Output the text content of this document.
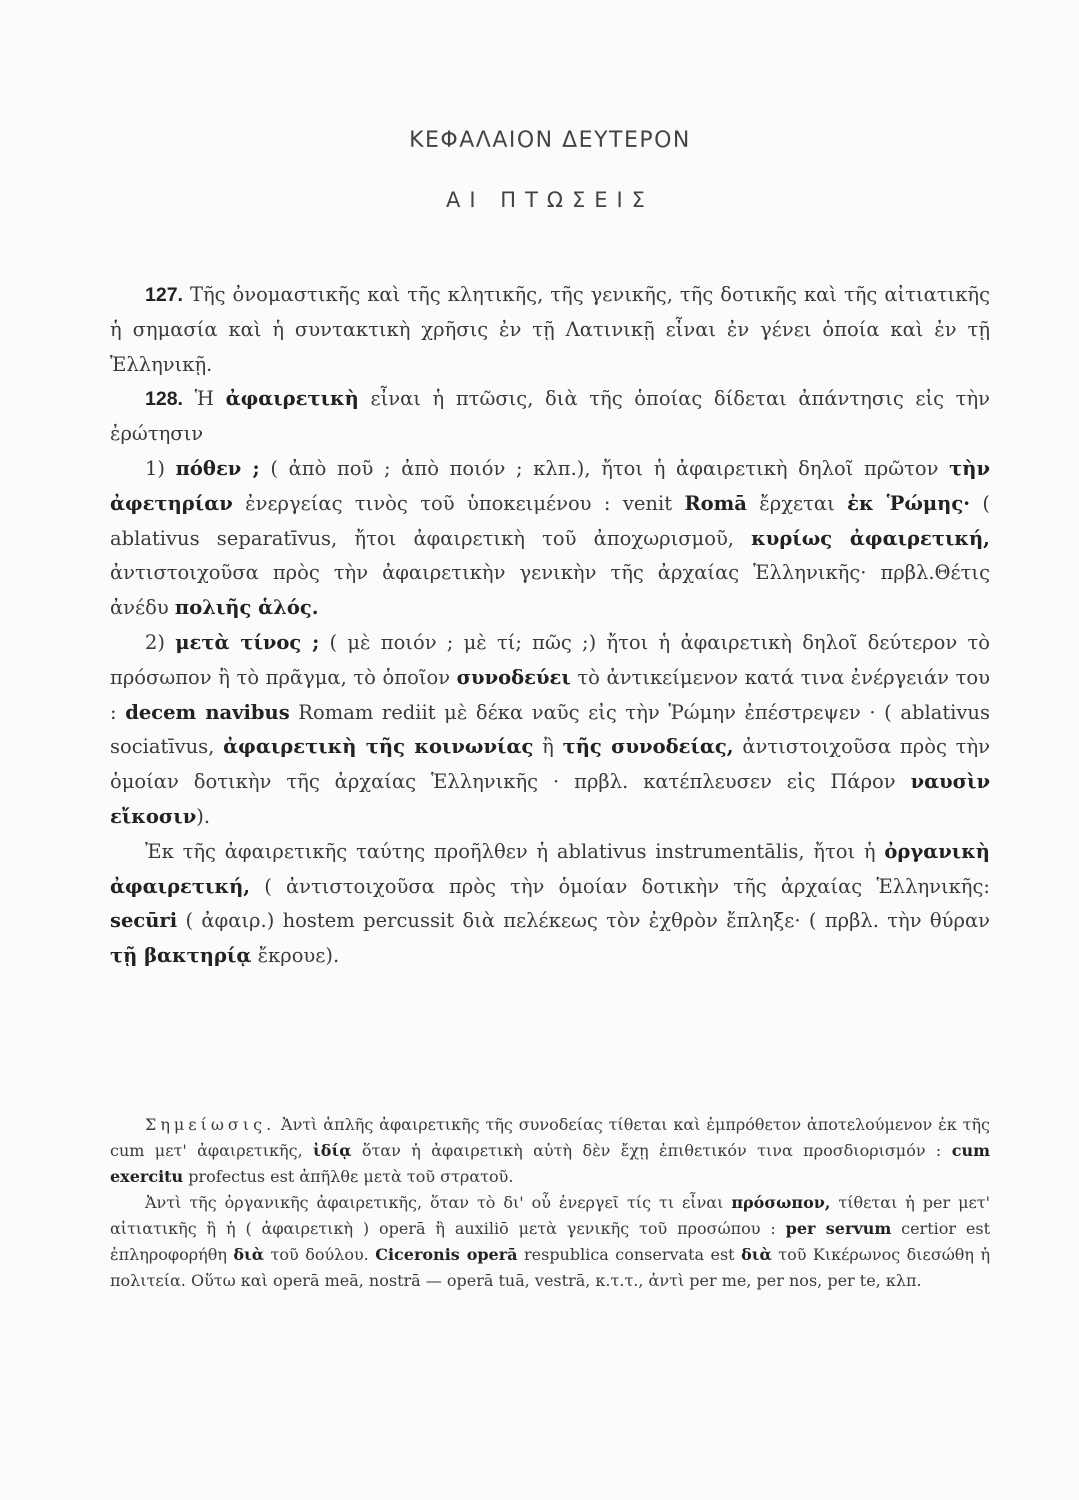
ΚΕΦΑΛΑΙΟΝ ΔΕΥΤΕΡΟΝ
ΑΙ ΠΤΩΣΕΙΣ

127. Τῆς ὀνομαστικῆς καὶ τῆς κλητικῆς, τῆς γενικῆς, τῆς δοτικῆς καὶ τῆς αἰτιατικῆς ἡ σημασία καὶ ἡ συντακτικὴ χρῆσις ἐν τῇ Λατινικῇ εἶναι ἐν γένει ὁποία καὶ ἐν τῇ Ἑλληνικῇ.

128. Ἡ ἀφαιρετικὴ εἶναι ἡ πτῶσις, διὰ τῆς ὁποίας δίδεται ἀπάντησις εἰς τὴν ἐρώτησιν

1) πόθεν ; ( ἀπὸ ποῦ ; ἀπὸ ποιόν ; κλπ.), ἤτοι ἡ ἀφαιρετικὴ δηλοῖ πρῶτον τὴν ἀφετηρίαν ἐνεργείας τινὸς τοῦ ὑποκειμένου : venit Romā ἔρχεται ἐκ Ῥώμης· ( ablativus separatīvus, ἤτοι ἀφαιρετικὴ τοῦ ἀποχωρισμοῦ, κυρίως ἀφαιρετική, ἀντιστοιχοῦσα πρὸς τὴν ἀφαιρετικὴν γενικὴν τῆς ἀρχαίας Ἑλληνικῆς· πρβλ.Θέτις ἀνέδυ πολιῆς ἁλός.

2) μετὰ τίνος ; ( μὲ ποιόν ; μὲ τί; πῶς ;) ἤτοι ἡ ἀφαιρετικὴ δηλοῖ δεύτερον τὸ πρόσωπον ἢ τὸ πρᾶγμα, τὸ ὁποῖον συνοδεύει τὸ ἀντικείμενον κατά τινα ἐνέργειάν του : decem navibus Romam rediit μὲ δέκα ναῦς εἰς τὴν Ῥώμην ἐπέστρεψεν · ( ablativus sociatīvus, ἀφαιρετικὴ τῆς κοινωνίας ἢ τῆς συνοδείας, ἀντιστοιχοῦσα πρὸς τὴν ὁμοίαν δοτικὴν τῆς ἀρχαίας Ἑλληνικῆς · πρβλ. κατέπλευσεν εἰς Πάρον ναυσὶν εἴκοσιν).

Ἐκ τῆς ἀφαιρετικῆς ταύτης προῆλθεν ἡ ablativus instrumentālis, ἤτοι ἡ ὀργανικὴ ἀφαιρετική, ( ἀντιστοιχοῦσα πρὸς τὴν ὁμοίαν δοτικὴν τῆς ἀρχαίας Ἑλληνικῆς: secūri ( ἀφαιρ.) hostem percussit διὰ πελέκεως τὸν ἐχθρὸν ἔπληξε· ( πρβλ. τὴν θύραν τῇ βακτηρίᾳ ἔκρουε).

Σημείωσις. Ἀντὶ ἁπλῆς ἀφαιρετικῆς τῆς συνοδείας τίθεται καὶ ἐμπρόθετον ἀποτελούμενον ἐκ τῆς cum μετ' ἀφαιρετικῆς, ἰδίᾳ ὅταν ἡ ἀφαιρετικὴ αὐτὴ δὲν ἔχῃ ἐπιθετικόν τινα προσδιορισμόν : cum exercitu profectus est ἀπῆλθε μετὰ τοῦ στρατοῦ.

Ἀντὶ τῆς ὀργανικῆς ἀφαιρετικῆς, ὅταν τὸ δι' οὗ ἐνεργεῖ τίς τι εἶναι πρόσωπον, τίθεται ἡ per μετ' αἰτιατικῆς ἢ ἡ ( ἀφαιρετικὴ ) operā ἢ auxiliō μετὰ γενικῆς τοῦ προσώπου : per servum certior est ἐπληροφορήθη διὰ τοῦ δούλου. Ciceronis operā respublica conservata est διὰ τοῦ Κικέρωνος διεσώθη ἡ πολιτεία. Οὕτω καὶ operā meā, nostrā — operā tuā, vestrā, κ.τ.τ., ἀντὶ per me, per nos, per te, κλπ.
